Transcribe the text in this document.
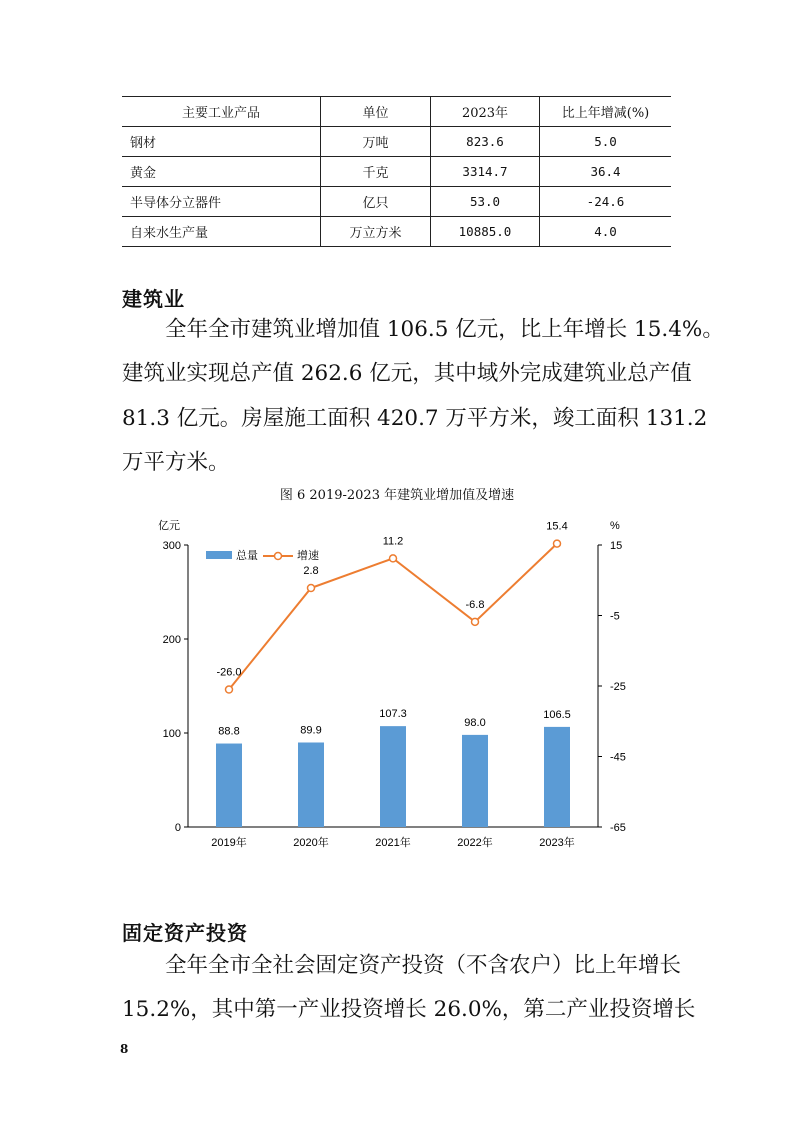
主要工业产品	单位	2023年	比上年增减(%)
钢材	万吨	823.6	5.0
黄金	千克	3314.7	36.4
半导体分立器件	亿只	53.0	-24.6
自来水生产量	万立方米	10885.0	4.0
建筑业
全年全市建筑业增加值 106.5 亿元，比上年增长 15.4%。
建筑业实现总产值 262.6 亿元，其中域外完成建筑业总产值
81.3 亿元。房屋施工面积 420.7 万平方米，竣工面积 131.2
万平方米。
图 6 2019-2023 年建筑业增加值及增速
0
100
200
300
-65
-45
-25
-5
15
亿元	%
88.8	89.9
107.3
98.0
106.5
2019年	2020年	2021年	2022年	2023年
-26.0
2.8
11.2
-6.8
15.4
总量	增速
固定资产投资
全年全市全社会固定资产投资（不含农户）比上年增长
15.2%，其中第一产业投资增长 26.0%，第二产业投资增长
8
